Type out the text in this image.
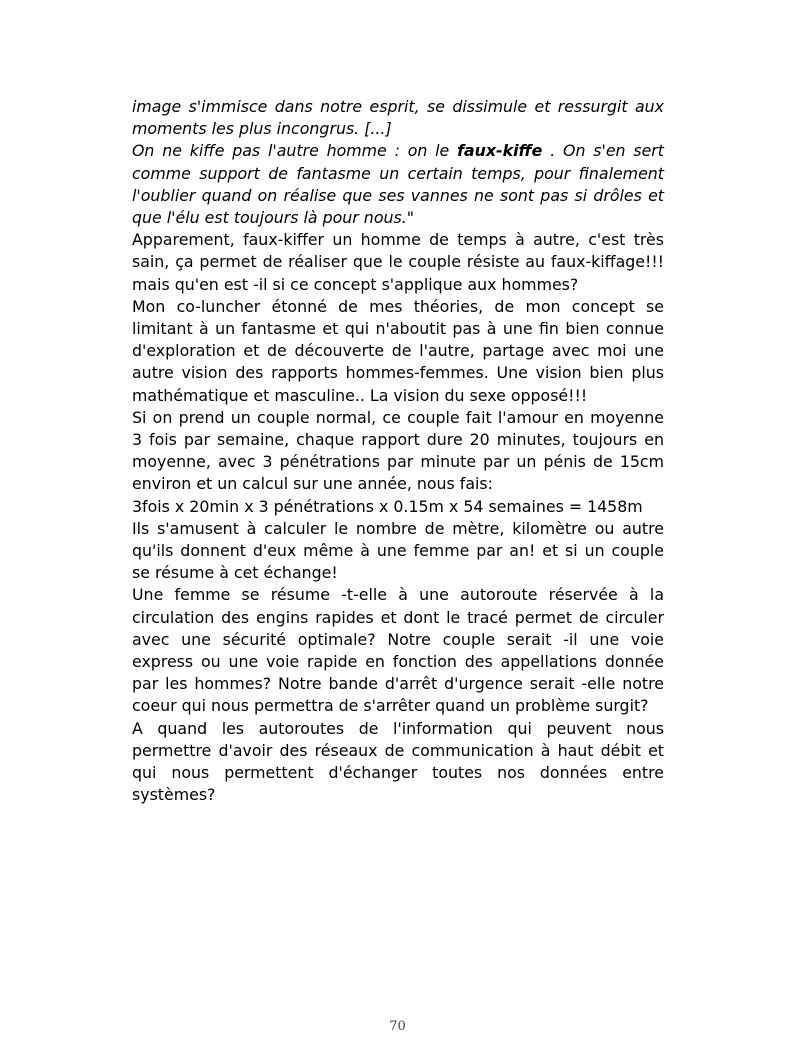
image s'immisce dans notre esprit, se dissimule et ressurgit aux moments les plus incongrus. [...]

On ne kiffe pas l'autre homme : on le faux-kiffe . On s'en sert comme support de fantasme un certain temps, pour finalement l'oublier quand on réalise que ses vannes ne sont pas si drôles et que l'élu est toujours là pour nous."

Apparement, faux-kiffer un homme de temps à autre, c'est très sain, ça permet de réaliser que le couple résiste au faux-kiffage!!! mais qu'en est -il si ce concept s'applique aux hommes?

Mon co-luncher étonné de mes théories, de mon concept se limitant à un fantasme et qui n'aboutit pas à une fin bien connue d'exploration et de découverte de l'autre, partage avec moi une autre vision des rapports hommes-femmes. Une vision bien plus mathématique et masculine.. La vision du sexe opposé!!!

Si on prend un couple normal, ce couple fait l'amour en moyenne 3 fois par semaine, chaque rapport dure 20 minutes, toujours en moyenne, avec 3 pénétrations par minute par un pénis de 15cm environ et un calcul sur une année, nous fais:

3fois x 20min x 3 pénétrations x 0.15m x 54 semaines = 1458m

Ils s'amusent à calculer le nombre de mètre, kilomètre ou autre qu'ils donnent d'eux même à une femme par an! et si un couple se résume à cet échange!

Une femme se résume -t-elle à une autoroute réservée à la circulation des engins rapides et dont le tracé permet de circuler avec une sécurité optimale? Notre couple serait -il une voie express ou une voie rapide en fonction des appellations donnée par les hommes? Notre bande d'arrêt d'urgence serait -elle notre coeur qui nous permettra de s'arrêter quand un problème surgit?

A quand les autoroutes de l'information qui peuvent nous permettre d'avoir des réseaux de communication à haut débit et qui nous permettent d'échanger toutes nos données entre systèmes?

70
